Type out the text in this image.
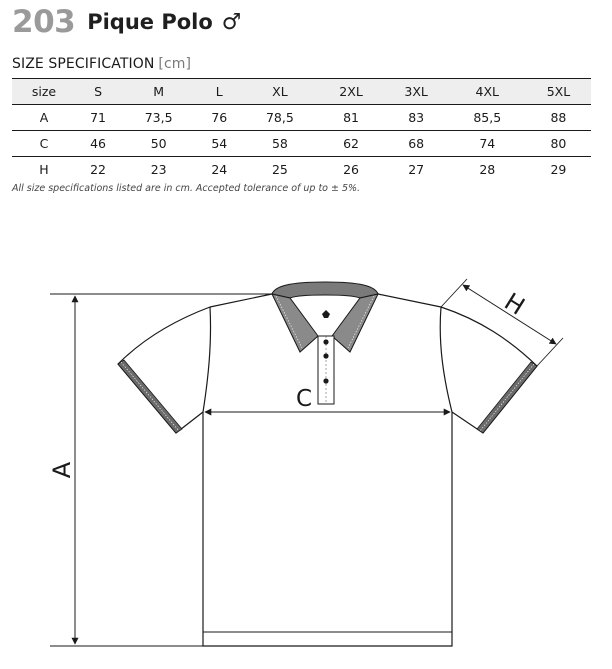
203 Pique Polo ♂
SIZE SPECIFICATION [cm]
size	S	M	L	XL	2XL	3XL	4XL	5XL
A	71	73,5	76	78,5	81	83	85,5	88
C	46	50	54	58	62	68	74	80
H	22	23	24	25	26	27	28	29
All size specifications listed are in cm. Accepted tolerance of up to ± 5%.
A
C
H
